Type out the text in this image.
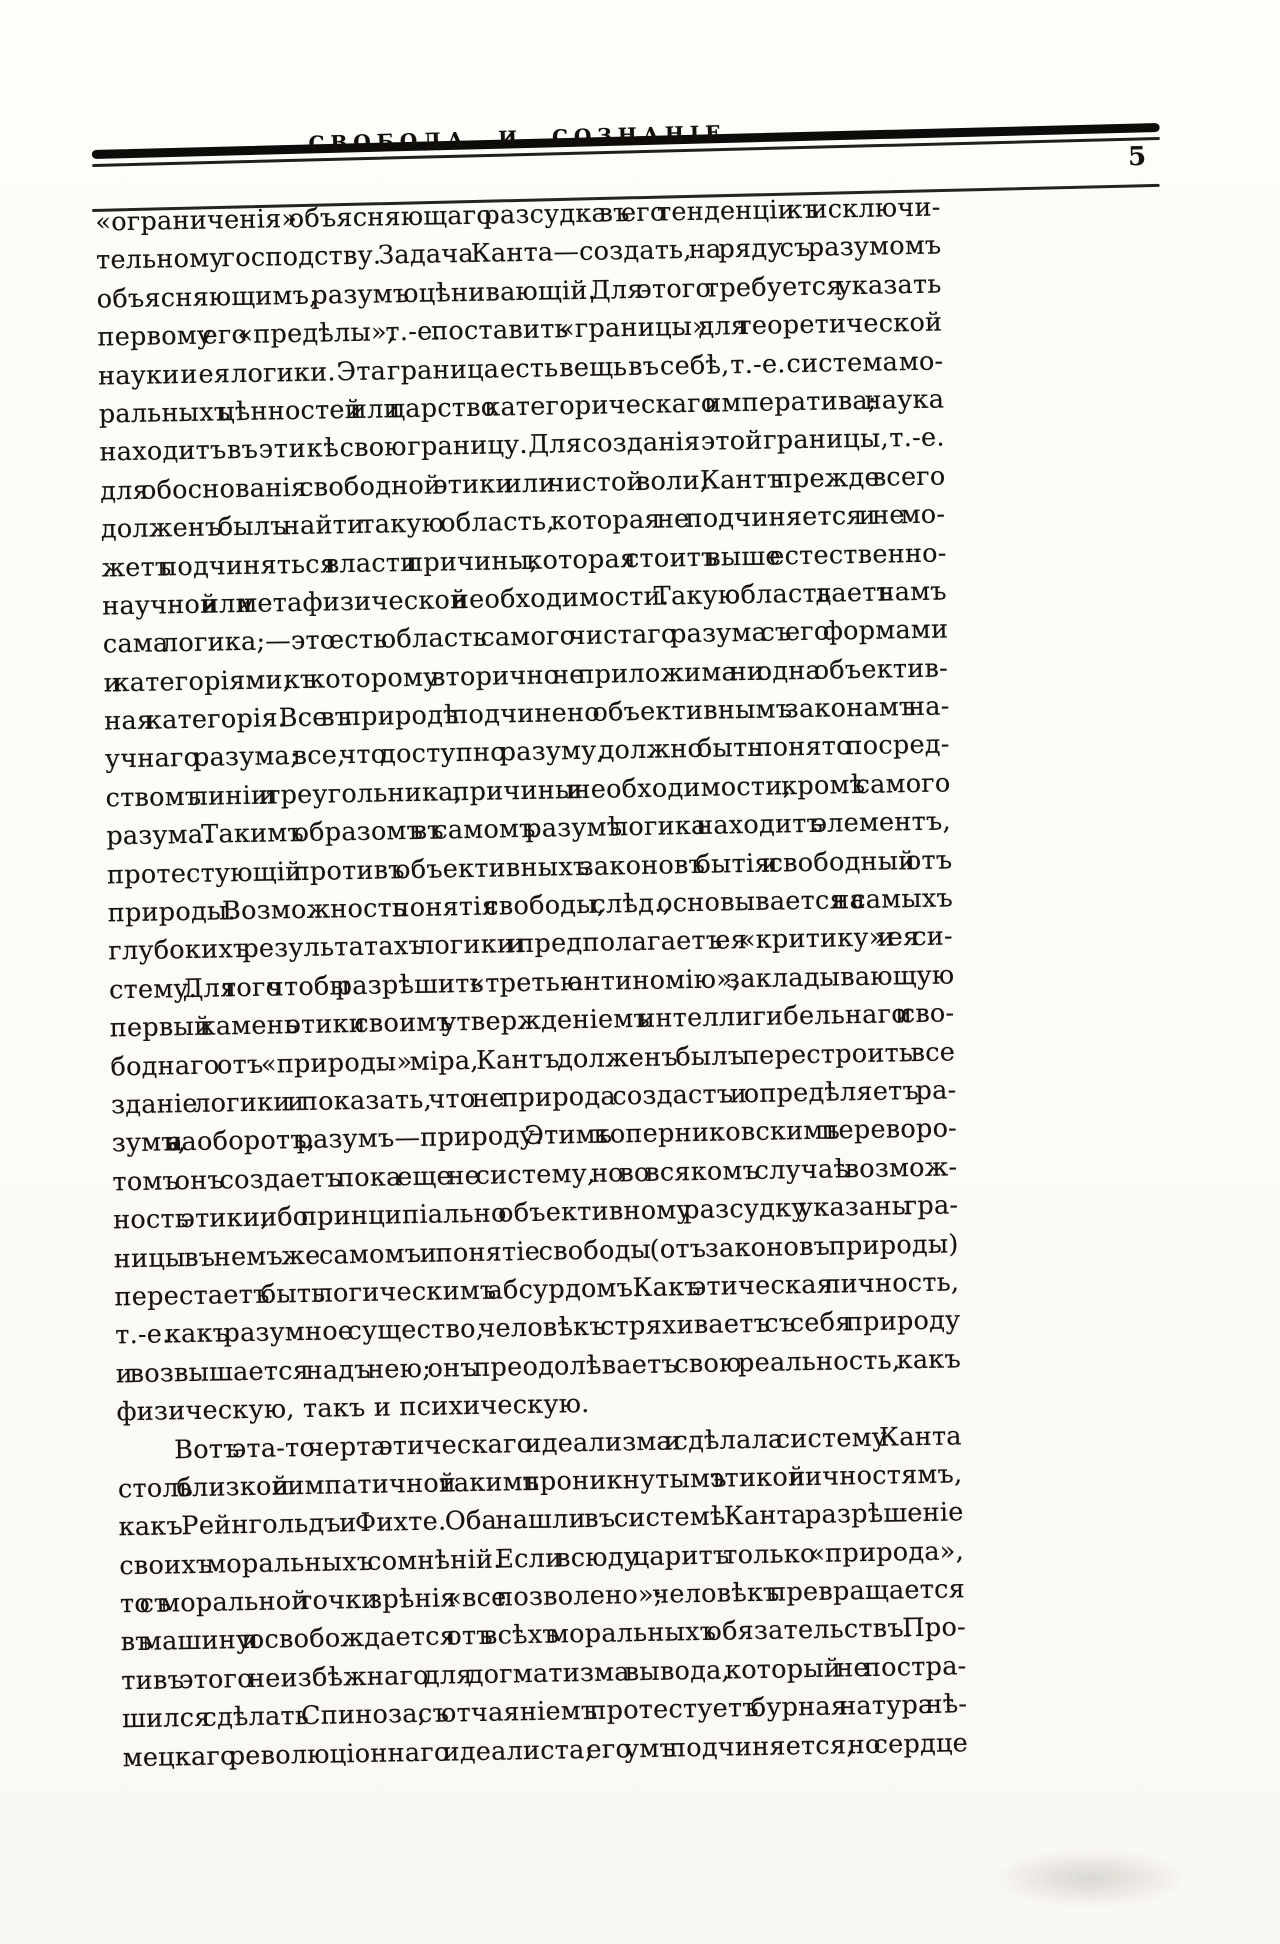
СВОБОДА И СОЗНАНІЕ
5
«ограниченія» объясняющаго разсудка въ его тенденціи къ исключи-
тельному господству. Задача Канта—создать, на ряду съ разумомъ
объясняющимъ, разумъ оцѣнивающій. Для этого требуется указать
первому его «предѣлы», т.-е. поставить «границы» для теоретической
науки и ея логики. Эта граница есть вещь въ себѣ, т.-е. система мо-
ральныхъ цѣнностей или царство категорическаго императива; наука
находитъ въ э т и к ѣ свою границу. Для созданія этой границы, т.-е.
для обоснованія свободной этики или чистой воли, Кантъ прежде всего
долженъ былъ найти такую область, которая не подчиняется и не мо-
жетъ подчиняться власти причины, которая стоитъ выше естественно-
научной или метафизической необходимости. Такую область даетъ намъ
сама логика;—это есть область самого чистаго разума съ его формами
и категоріями, къ которому вторично не приложима ни одна объектив-
ная категорія. Все въ природѣ подчинено объективнымъ законамъ на-
учнаго разума; все, что доступно разуму, должно быть понято посред-
ствомъ линіи и треугольника, причины и необходимости, кромѣ самого
разума. Такимъ образомъ въ самомъ разумѣ логика находитъ элементъ,
протестующій противъ объективныхъ законовъ бытія и свободный отъ
природы. Возможность понятія свободы, слѣд., основывается на самыхъ
глубокихъ результатахъ логики и предполагаетъ ея «критику» и ея си-
стему. Для того чтобы разрѣшить «третью антиномію», закладывающую
первый камень этики своимъ утвержденіемъ интеллигибельнаго и сво-
боднаго отъ «природы» міра, Кантъ долженъ былъ перестроить все
зданіе логики и показать, что не природа создастъ и опредѣляетъ ра-
зумъ, а наоборотъ, разумъ—природу. Этимъ коперниковскимъ переворо-
томъ онъ создаетъ пока еще не систему, но во всякомъ случаѣ возмож-
ность этики, ибо принципіально объективному разсудку указаны гра-
ницы въ немъ же самомъ и понятіе свободы (отъ законовъ природы)
перестаетъ быть логическимъ абсурдомъ. Какъ этическая личность,
т.-е. какъ разумное существо, человѣкъ стряхиваетъ съ себя природу
и возвышается надъ нею; онъ преодолѣваетъ свою реальность, какъ
физическую, такъ и психическую.
Вотъ эта-то черта этическаго идеализма и сдѣлала систему Канта
столь близкой и симпатичной такимъ проникнутымъ этикой личностямъ,
какъ Рейнгольдъ и Фихте. Оба нашли въ системѣ Канта разрѣшеніе
своихъ моральныхъ сомнѣній. Если всюду царитъ только «природа»,
то съ моральной точки зрѣнія «все позволено»; человѣкъ превращается
въ машину и освобождается отъ всѣхъ моральныхъ обязательствъ. Про-
тивъ этого неизбѣжнаго для догматизма вывода, который не постра-
шился сдѣлать Спиноза, съ отчаяніемъ протестуетъ бурная натура нѣ-
мецкаго революціоннаго идеалиста; его умъ подчиняется, но сердце
